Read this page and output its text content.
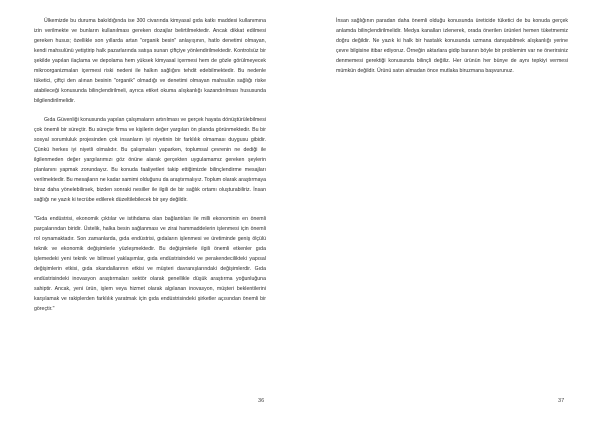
Ülkemizde bu duruma bakıldığında ise 300 civarında kimyasal gıda katkı maddesi kullanımına izin verilmekte ve bunların kullanılması gereken dozajlar belirtilmektedir. Ancak dikkat edilmesi gereken husus; özellikle son yıllarda artan "organik besin" anlayışının, hatlo denetimi olmayan, kendi mahsulünü yetiştirip halk pazarlarında satışa sunan çiftçiye yönlendirilmektedir. Kontrolsüz bir şekilde yapılan ilaçlama ve depolama hem yüksek kimyasal içermesi hem de gözle görülmeyecek mikroorganizmaları içermesi riski nedeni ile halkın sağlığını tehdit edebilmektedir. Bu nedenle tüketici, çiftçi den alınan besinin "organik" olmadığı ve denetimi olmayan mahsulün sağlığı riske atabileceği konusunda bilinçlendirilmeli, ayrıca etiket okuma alışkanlığı kazandırılması hususunda bilgilendirilmelidir.

Gıda Güvenliği konusunda yapılan çalışmaların artırılması ve gerçek hayata dönüştürülebilmesi çok önemli bir süreçtir. Bu süreçte firma ve kişilerin değer yargıları ön planda görünmektedir. Bu bir sosyal sorumluluk projesinden çok insanların iyi niyetinin bir farklılık olmaması duygusu gibidir. Çünkü herkes iyi niyetli olmalıdır. Bu çalışmaları yaparken, toplumsal çevrenin ne dediği ile ilgilenmeden değer yargılarımızı göz önüne alarak gerçekten uygulamamız gereken şeylerin planlanını yapmak zorundayız. Bu konuda faaliyetleri takip ettiğimizde bilinçlendirme mesajları verilmektedir. Bu mesajların ne kadar samimi olduğunu da araştırmalıyız. Toplum olarak araştırmaya biraz daha yönelebilirsek, bizden sonraki nesiller ile ilgili de bir sağlık ortamı oluşturabiliriz. İnsan sağlığı ne yazık ki tecrübe edilerek düzeltilebilecek bir şey değildir.

"Gıda endüstrisi, ekonomik çıktılar ve istihdama olan bağlantıları ile milli ekonominin en önemli parçalarından biridir. Üstelik, halka besin sağlanması ve zirai hammaddelerin işlenmesi için önemli rol oynamaktadır. Son zamanlarda, gıda endüstrisi, gıdaların işlenmesi ve üretiminde geniş ölçülü teknik ve ekonomik değişimlerle yüzleşmektedir. Bu değişimlerle ilgili önemli etkenler gıda işlemedeki yeni teknik ve bilimsel yaklaşımlar, gıda endüstrisindeki ve perakendecilikteki yapısal değişimlerin etkisi, gıda skandallarının etkisi ve müşteri davranışlarındaki değişimlerdir. Gıda endüstrisindeki inovasyon araştırmaları sektör olarak genellikle düşük araştırma yoğunluğuna sahiptir. Ancak, yeni ürün, işlem veya hizmet olarak algılanan inovasyon, müşteri beklentilerini karşılamak ve rakiplerden farklılık yaratmak için gıda endüstrisindeki şirketler açısından önemli bir göreçtir."

36

İnsan sağlığının paradan daha önemli olduğu konusunda üreticide tüketici de bu konuda gerçek anlamda bilinçlendirilmelidir. Medya kanalları izlenerek, orada önerilen ürünleri hemen tüketmemiz doğru değildir. Ne yazık ki halk bir hastalık konusunda uzmana danışabilmek alışkanlığı yerine çevre bilgisine itibar ediyoruz. Örneğin aktarlara gidip baranın böyle bir problemim var ne önerirsiniz denmemesi gerektiği konusunda bilinçli değiliz. Her ürünün her bünye de aynı tepkiyi vermesi mümkün değildir. Ürünü satın almadan önce mutlaka biruzmana başvurunuz.

37
